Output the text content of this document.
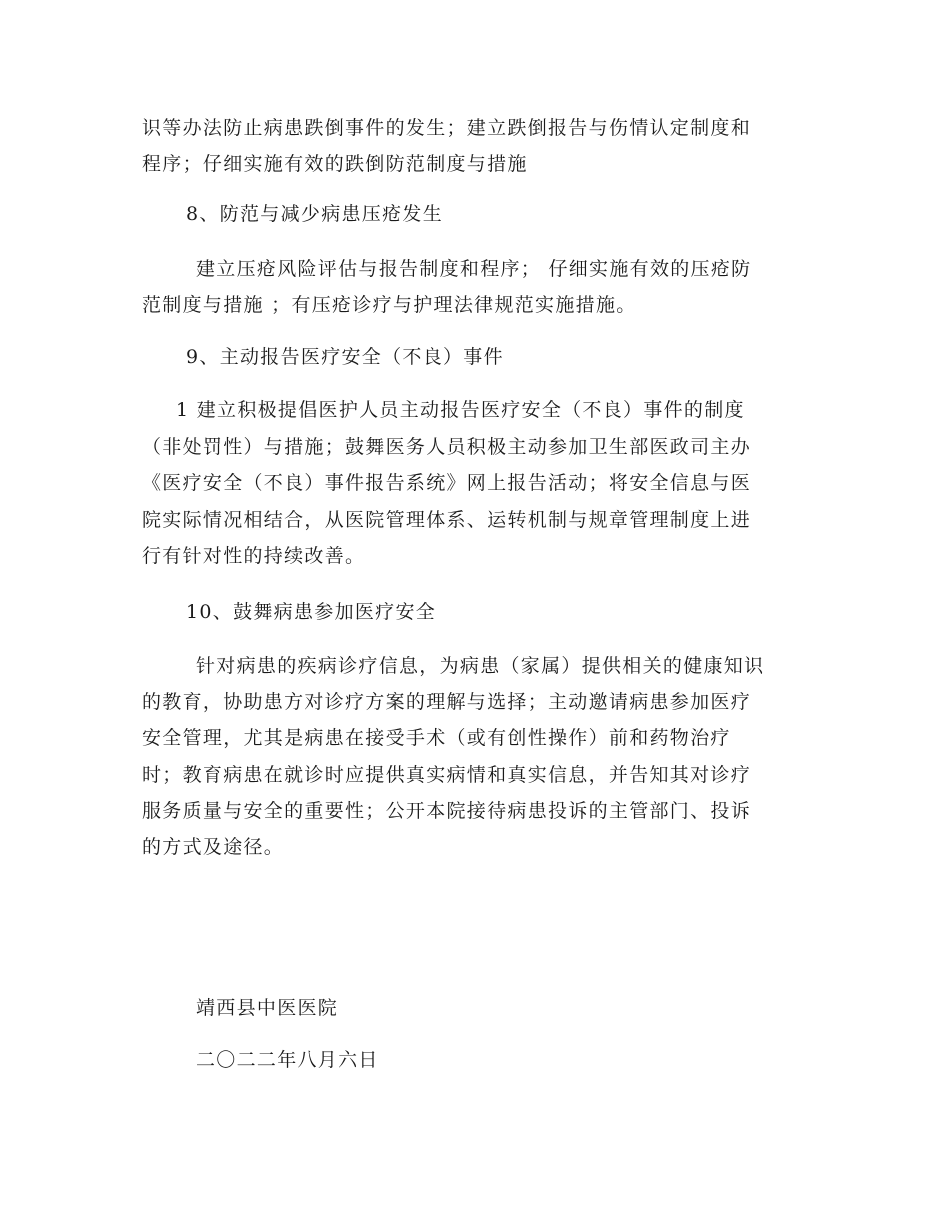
识等办法防止病患跌倒事件的发生；建立跌倒报告与伤情认定制度和
程序；仔细实施有效的跌倒防范制度与措施
8、防范与减少病患压疮发生
建立压疮风险评估与报告制度和程序； 仔细实施有效的压疮防
范制度与措施 ；有压疮诊疗与护理法律规范实施措施。
9、主动报告医疗安全（不良）事件
1 建立积极提倡医护人员主动报告医疗安全（不良）事件的制度
（非处罚性）与措施；鼓舞医务人员积极主动参加卫生部医政司主办
《医疗安全（不良）事件报告系统》网上报告活动；将安全信息与医
院实际情况相结合，从医院管理体系、运转机制与规章管理制度上进
行有针对性的持续改善。
10、鼓舞病患参加医疗安全
针对病患的疾病诊疗信息，为病患（家属）提供相关的健康知识
的教育，协助患方对诊疗方案的理解与选择；主动邀请病患参加医疗
安全管理，尤其是病患在接受手术（或有创性操作）前和药物治疗
时；教育病患在就诊时应提供真实病情和真实信息，并告知其对诊疗
服务质量与安全的重要性；公开本院接待病患投诉的主管部门、投诉
的方式及途径。
靖西县中医医院
二〇二二年八月六日
